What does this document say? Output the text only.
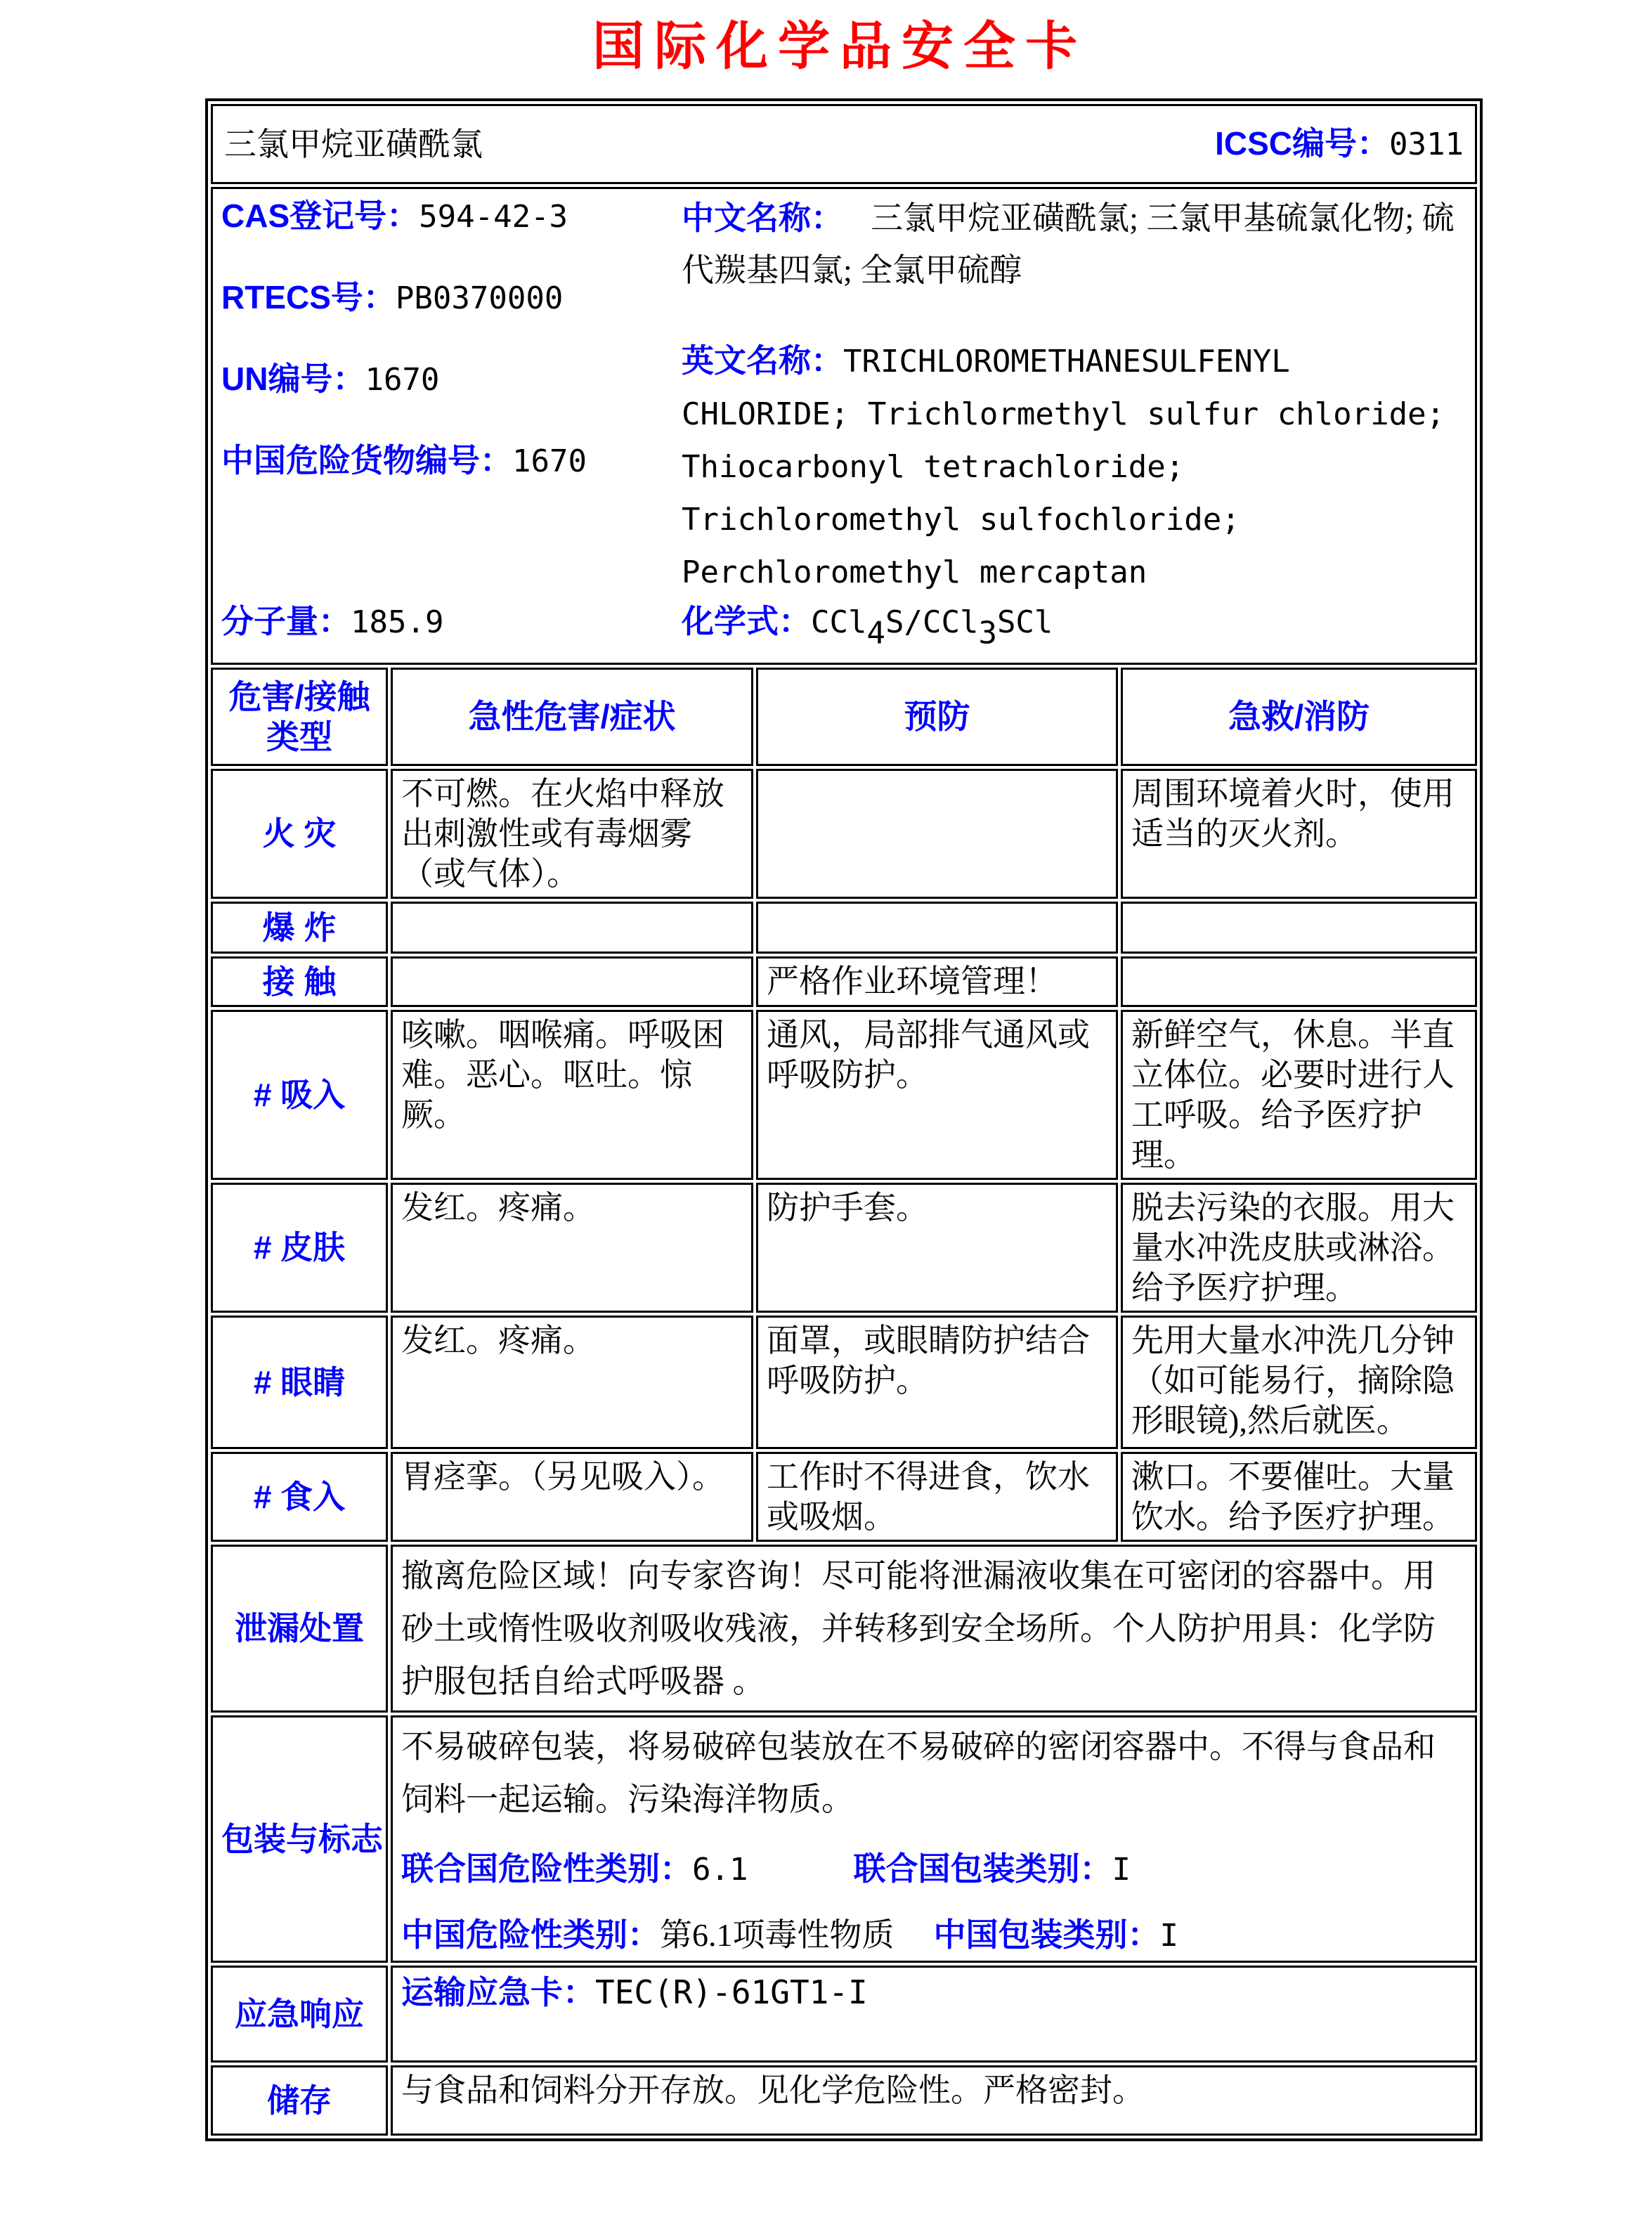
国际化学品安全卡
三氯甲烷亚磺酰氯 ICSC编号：0311			

CAS登记号：594-42-3
RTECS号：PB0370000
UN编号：1670
中国危险货物编号：1670

中文名称： 三氯甲烷亚磺酰氯; 三氯甲基硫氯化物; 硫代羰基四氯; 全氯甲硫醇

英文名称：TRICHLOROMETHANESULFENYL CHLORIDE; Trichlormethyl sulfur chloride; Thiocarbonyl tetrachloride; Trichloromethyl sulfochloride; Perchloromethyl mercaptan

分子量：185.9	化学式：CCl4S/CCl3SCl

危害/接触
类型	急性危害/症状	预防	急救/消防
火 灾	不可燃。在火焰中释放出刺激性或有毒烟雾（或气体）。		周围环境着火时，使用适当的灭火剂。
爆 炸			
接 触		严格作业环境管理！	
# 吸入	咳嗽。咽喉痛。呼吸困难。恶心。呕吐。惊厥。	通风，局部排气通风或呼吸防护。	新鲜空气，休息。半直立体位。必要时进行人工呼吸。给予医疗护理。
# 皮肤	发红。疼痛。	防护手套。	脱去污染的衣服。用大量水冲洗皮肤或淋浴。给予医疗护理。
# 眼睛	发红。疼痛。	面罩，或眼睛防护结合呼吸防护。	先用大量水冲洗几分钟 （如可能易行，摘除隐形眼镜),然后就医。
# 食入	胃痉挛。（另见吸入）。	工作时不得进食，饮水或吸烟。	漱口。不要催吐。大量饮水。给予医疗护理。
泄漏处置	撤离危险区域！向专家咨询！尽可能将泄漏液收集在可密闭的容器中。用砂土或惰性吸收剂吸收残液，并转移到安全场所。个人防护用具：化学防护服包括自给式呼吸器 。		
包装与标志	不易破碎包装，将易破碎包装放在不易破碎的密闭容器中。不得与食品和饲料一起运输。污染海洋物质。

联合国危险性类别：6.1 联合国包装类别：I
中国危险性类别：第6.1项毒性物质 中国包装类别：I		

应急响应	运输应急卡：TEC(R)-61GT1-I		

储存	与食品和饲料分开存放。见化学危险性。严格密封。		
